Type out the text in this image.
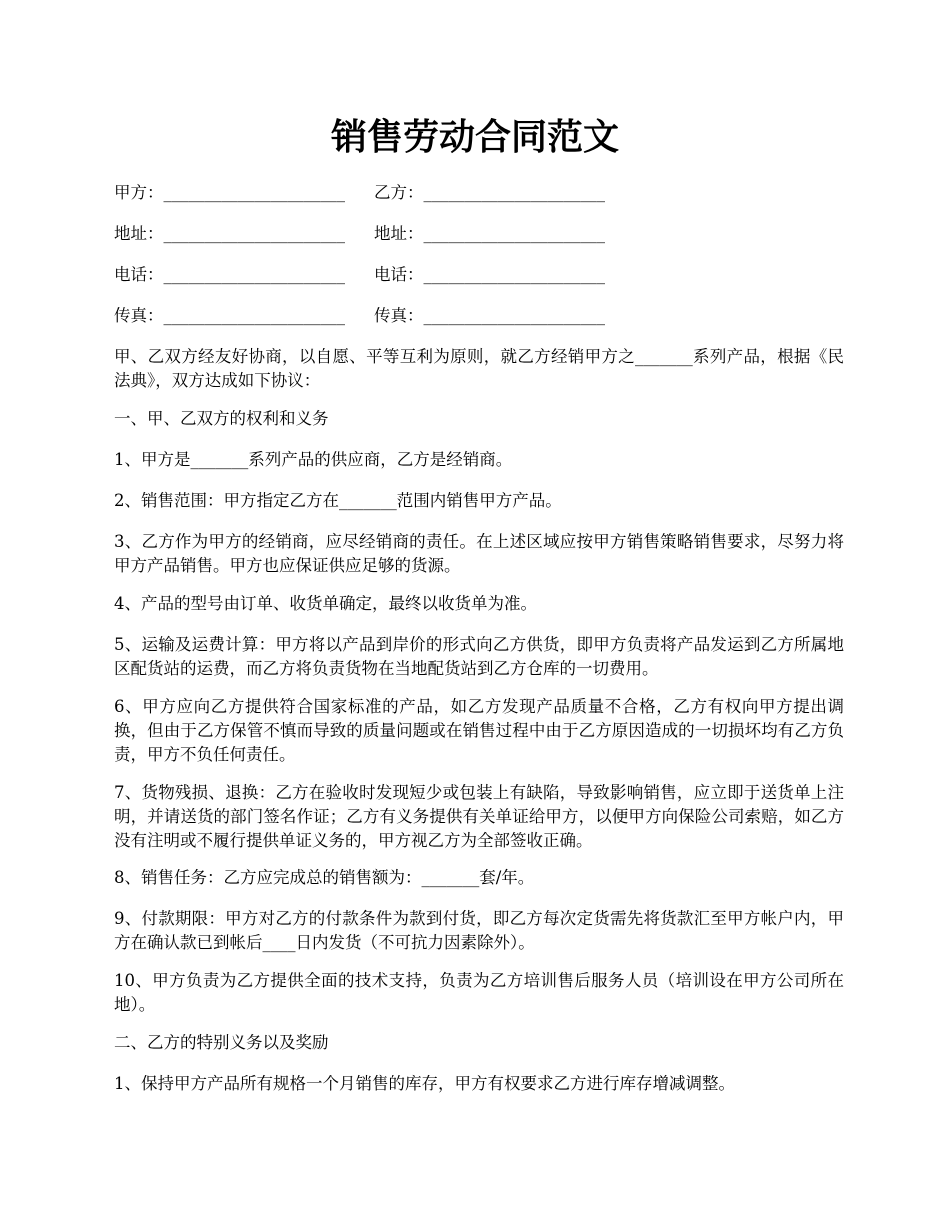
销售劳动合同范文
甲方：______________________ 乙方：______________________
地址：______________________ 地址：______________________
电话：______________________ 电话：______________________
传真：______________________ 传真：______________________

甲、乙双方经友好协商，以自愿、平等互利为原则，就乙方经销甲方之_______系列产品，根据《民法典》，双方达成如下协议：

一、甲、乙双方的权利和义务

1、甲方是_______系列产品的供应商，乙方是经销商。

2、销售范围：甲方指定乙方在_______范围内销售甲方产品。

3、乙方作为甲方的经销商，应尽经销商的责任。在上述区域应按甲方销售策略销售要求，尽努力将甲方产品销售。甲方也应保证供应足够的货源。

4、产品的型号由订单、收货单确定，最终以收货单为准。

5、运输及运费计算：甲方将以产品到岸价的形式向乙方供货，即甲方负责将产品发运到乙方所属地区配货站的运费，而乙方将负责货物在当地配货站到乙方仓库的一切费用。

6、甲方应向乙方提供符合国家标准的产品，如乙方发现产品质量不合格，乙方有权向甲方提出调换，但由于乙方保管不慎而导致的质量问题或在销售过程中由于乙方原因造成的一切损坏均有乙方负责，甲方不负任何责任。

7、货物残损、退换：乙方在验收时发现短少或包装上有缺陷，导致影响销售，应立即于送货单上注明，并请送货的部门签名作证；乙方有义务提供有关单证给甲方，以便甲方向保险公司索赔，如乙方没有注明或不履行提供单证义务的，甲方视乙方为全部签收正确。

8、销售任务：乙方应完成总的销售额为：_______套/年。

9、付款期限：甲方对乙方的付款条件为款到付货，即乙方每次定货需先将货款汇至甲方帐户内，甲方在确认款已到帐后____日内发货（不可抗力因素除外）。

10、甲方负责为乙方提供全面的技术支持，负责为乙方培训售后服务人员（培训设在甲方公司所在地）。

二、乙方的特别义务以及奖励

1、保持甲方产品所有规格一个月销售的库存，甲方有权要求乙方进行库存增减调整。
